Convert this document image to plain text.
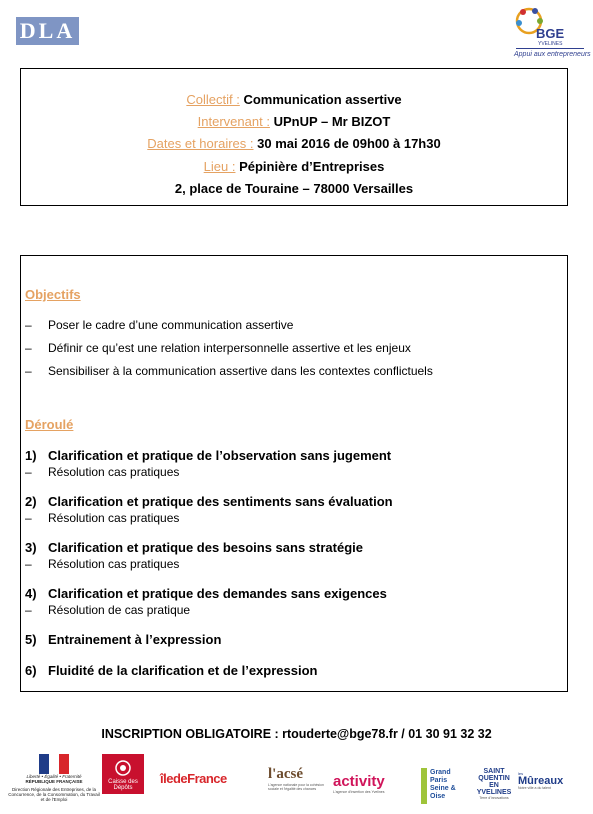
DLA	BGE
YVELINES
Appui aux entrepreneurs
Collectif : Communication assertive
Intervenant : UPnUP – Mr BIZOT
Dates et horaires : 30 mai 2016 de 09h00 à 17h30
Lieu : Pépinière d’Entreprises
2, place de Touraine – 78000 Versailles
Objectifs
– Poser le cadre d’une communication assertive
– Définir ce qu’est une relation interpersonnelle assertive et les enjeux
– Sensibiliser à la communication assertive dans les contextes conflictuels
Déroulé
1) Clarification et pratique de l’observation sans jugement
– Résolution cas pratiques
2) Clarification et pratique des sentiments sans évaluation
– Résolution cas pratiques
3) Clarification et pratique des besoins sans stratégie
– Résolution cas pratiques
4) Clarification et pratique des demandes sans exigences
– Résolution de cas pratique
5) Entrainement à l’expression
6) Fluidité de la clarification et de l’expression
INSCRIPTION OBLIGATOIRE : rtouderte@bge78.fr / 01 30 91 32 32
Liberté • Égalité • Fraternité
RÉPUBLIQUE FRANÇAISE
Direction Régionale des Entreprises, de la Concurrence, de la Consommation, du Travail et de l'Emploi
Caisse des Dépôts
îledeFrance	l'acsé
L'agence nationale pour la cohésion sociale et l'égalité des chances	activity
L'agence d'insertion des Yvelines	URBAINE
Grand Paris Seine & Oise
SAINT QUENTIN EN YVELINES
Terre d'innovations
les
Mûreaux
Notre ville a du talent
